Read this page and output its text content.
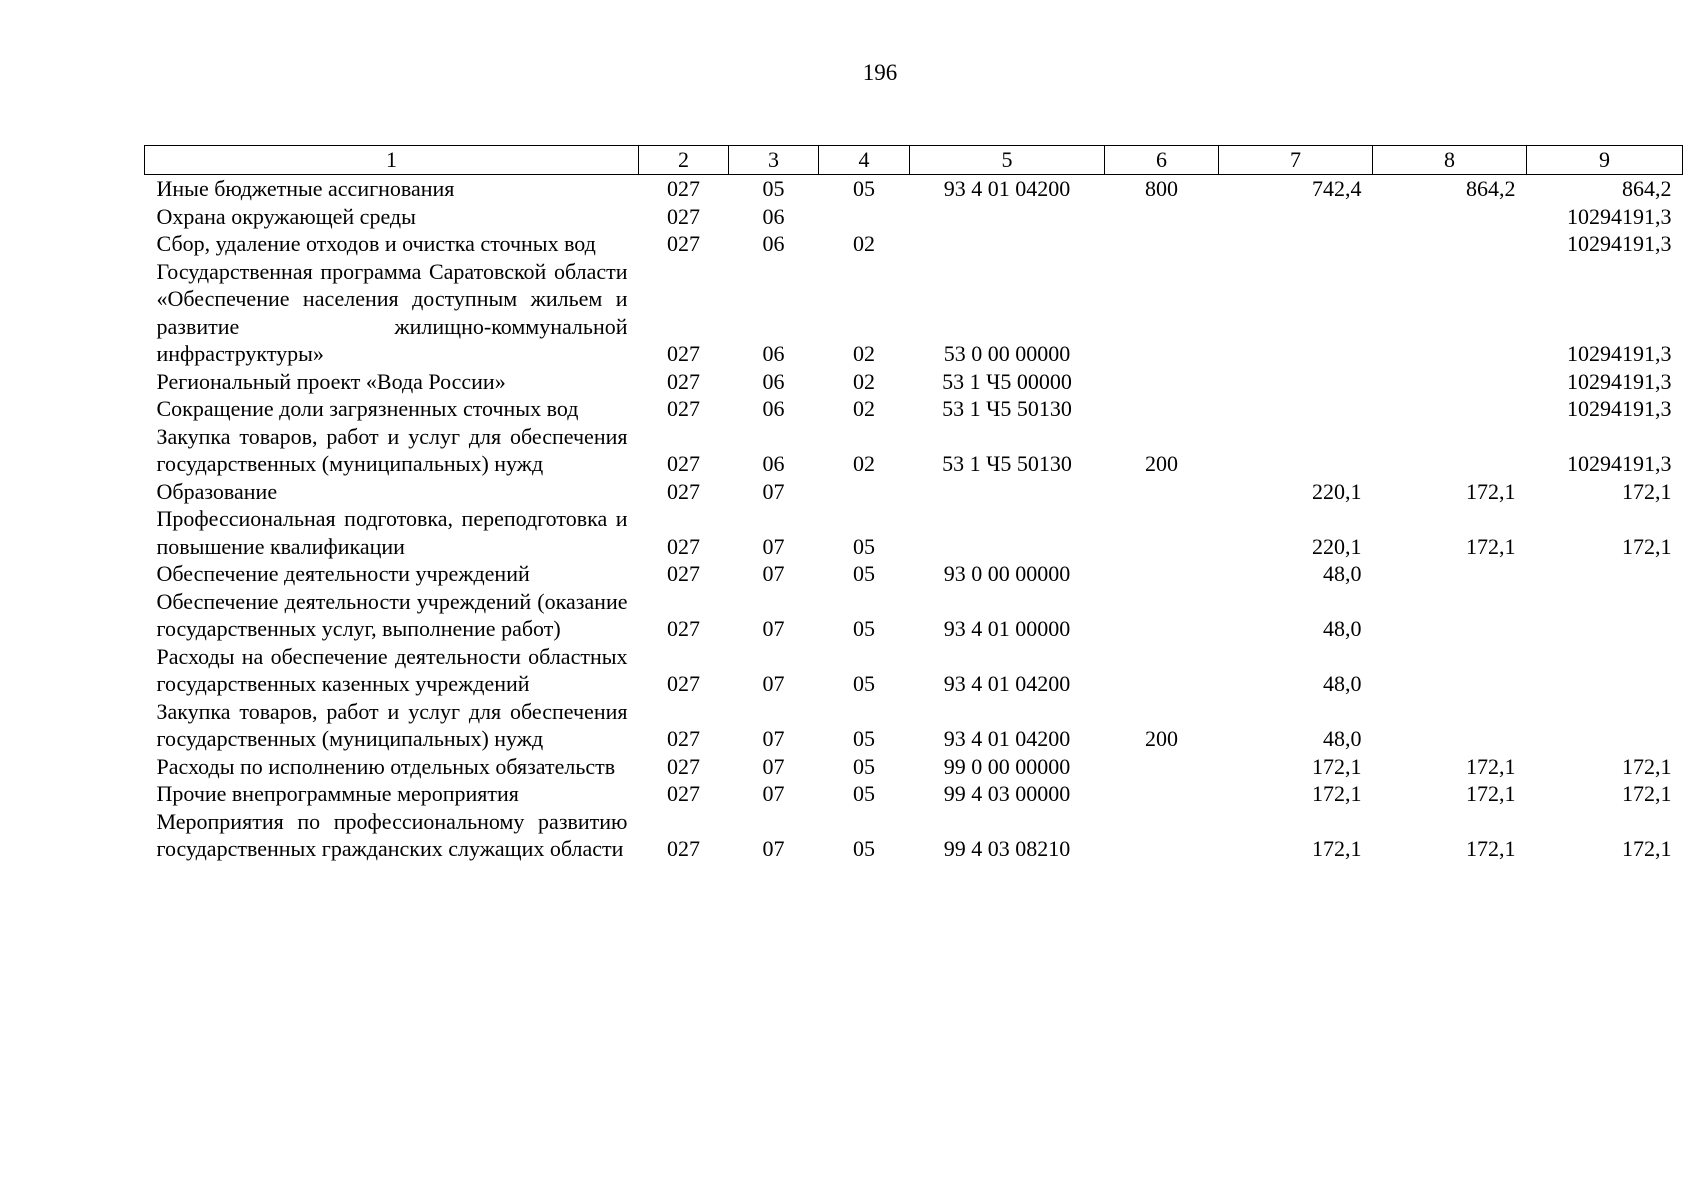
196
1	2	3	4	5	6	7	8	9
Иные бюджетные ассигнования	027	05	05	93 4 01 04200	800	742,4	864,2	864,2
Охрана окружающей среды	027	06						10294191,3
Сбор, удаление отходов и очистка сточных вод	027	06	02					10294191,3
Государственная программа Саратовской области «Обеспечение населения доступным жильем и развитие жилищно-коммунальной инфраструктуры»	027	06	02	53 0 00 00000				10294191,3
Региональный проект «Вода России»	027	06	02	53 1 Ч5 00000				10294191,3
Сокращение доли загрязненных сточных вод	027	06	02	53 1 Ч5 50130				10294191,3
Закупка товаров, работ и услуг для обеспечения государственных (муниципальных) нужд	027	06	02	53 1 Ч5 50130	200			10294191,3
Образование	027	07				220,1	172,1	172,1
Профессиональная подготовка, переподготовка и повышение квалификации	027	07	05			220,1	172,1	172,1
Обеспечение деятельности учреждений	027	07	05	93 0 00 00000		48,0		
Обеспечение деятельности учреждений (оказание государственных услуг, выполнение работ)	027	07	05	93 4 01 00000		48,0		
Расходы на обеспечение деятельности областных государственных казенных учреждений	027	07	05	93 4 01 04200		48,0		
Закупка товаров, работ и услуг для обеспечения государственных (муниципальных) нужд	027	07	05	93 4 01 04200	200	48,0		
Расходы по исполнению отдельных обязательств	027	07	05	99 0 00 00000		172,1	172,1	172,1
Прочие внепрограммные мероприятия	027	07	05	99 4 03 00000		172,1	172,1	172,1
Мероприятия по профессиональному развитию государственных гражданских служащих области	027	07	05	99 4 03 08210		172,1	172,1	172,1
